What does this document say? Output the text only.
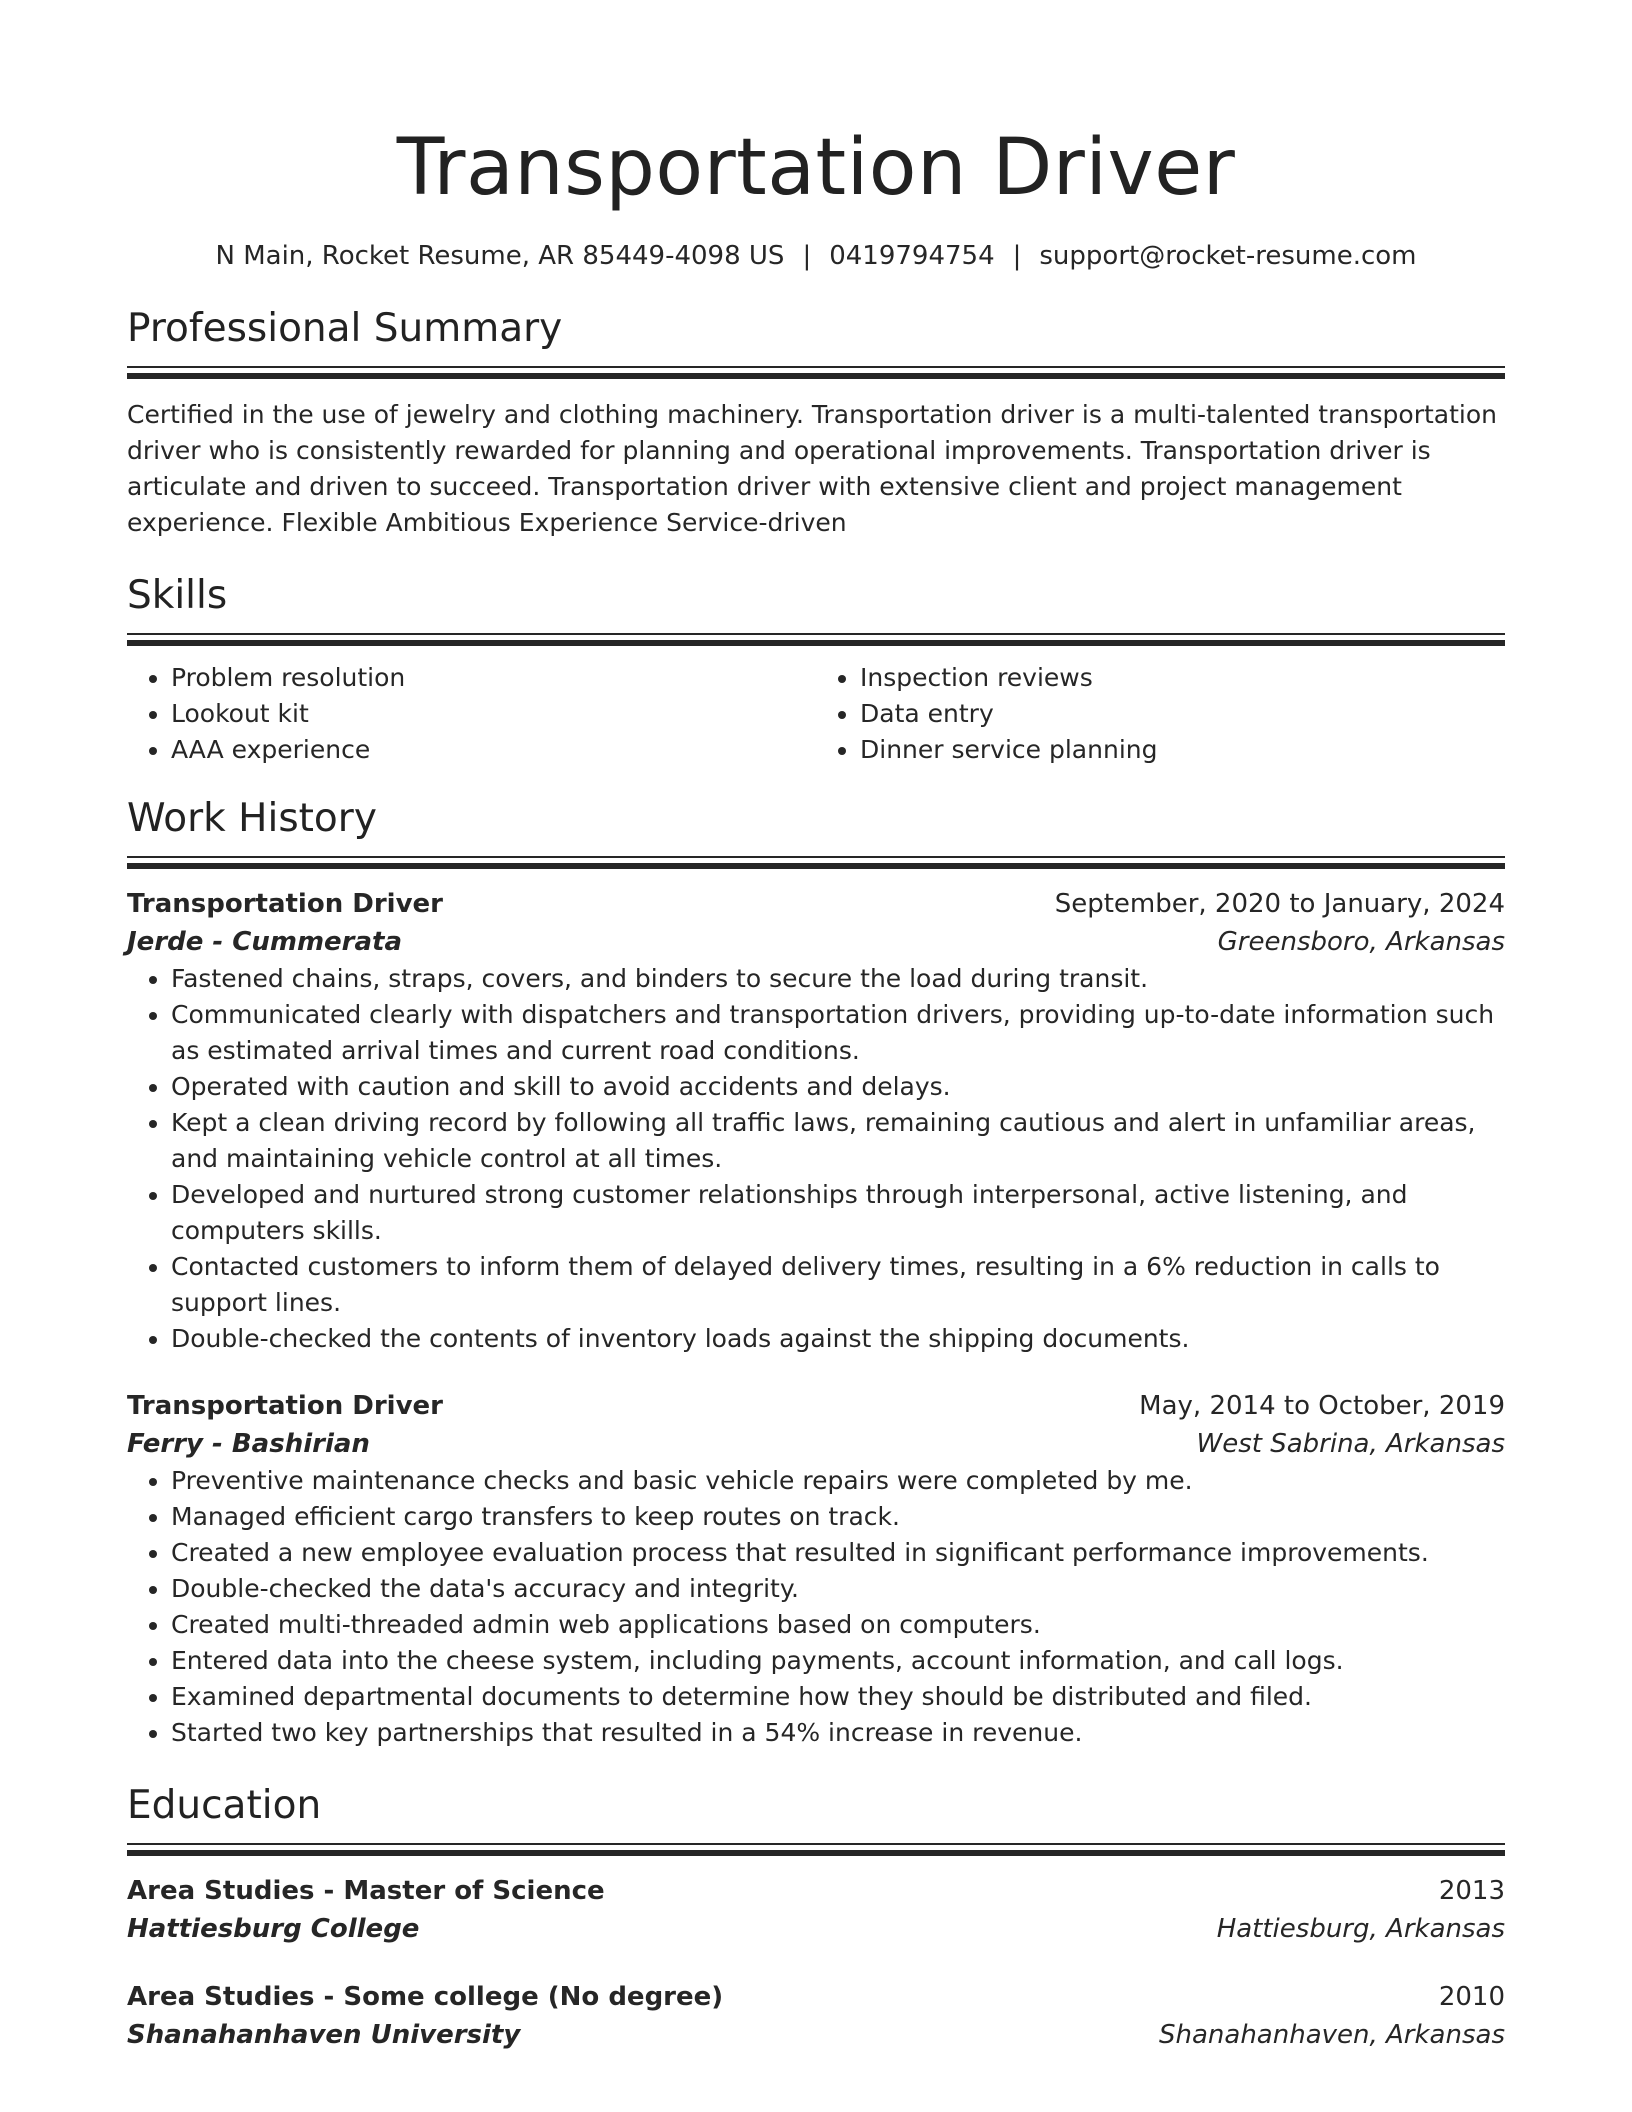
Transportation Driver
N Main, Rocket Resume, AR 85449-4098 US | 0419794754 | support@rocket-resume.com
Professional Summary
Certified in the use of jewelry and clothing machinery. Transportation driver is a multi-talented transportation driver who is consistently rewarded for planning and operational improvements. Transportation driver is articulate and driven to succeed. Transportation driver with extensive client and project management experience. Flexible Ambitious Experience Service-driven
Skills
• Problem resolution
• Lookout kit
• AAA experience
• Inspection reviews
• Data entry
• Dinner service planning
Work History
Transportation Driver	September, 2020 to January, 2024
Jerde - Cummerata	Greensboro, Arkansas
• Fastened chains, straps, covers, and binders to secure the load during transit.
• Communicated clearly with dispatchers and transportation drivers, providing up-to-date information such as estimated arrival times and current road conditions.
• Operated with caution and skill to avoid accidents and delays.
• Kept a clean driving record by following all traffic laws, remaining cautious and alert in unfamiliar areas, and maintaining vehicle control at all times.
• Developed and nurtured strong customer relationships through interpersonal, active listening, and computers skills.
• Contacted customers to inform them of delayed delivery times, resulting in a 6% reduction in calls to support lines.
• Double-checked the contents of inventory loads against the shipping documents.
Transportation Driver	May, 2014 to October, 2019
Ferry - Bashirian	West Sabrina, Arkansas
• Preventive maintenance checks and basic vehicle repairs were completed by me.
• Managed efficient cargo transfers to keep routes on track.
• Created a new employee evaluation process that resulted in significant performance improvements.
• Double-checked the data's accuracy and integrity.
• Created multi-threaded admin web applications based on computers.
• Entered data into the cheese system, including payments, account information, and call logs.
• Examined departmental documents to determine how they should be distributed and filed.
• Started two key partnerships that resulted in a 54% increase in revenue.
Education
Area Studies - Master of Science	2013
Hattiesburg College	Hattiesburg, Arkansas
Area Studies - Some college (No degree)	2010
Shanahanhaven University	Shanahanhaven, Arkansas
